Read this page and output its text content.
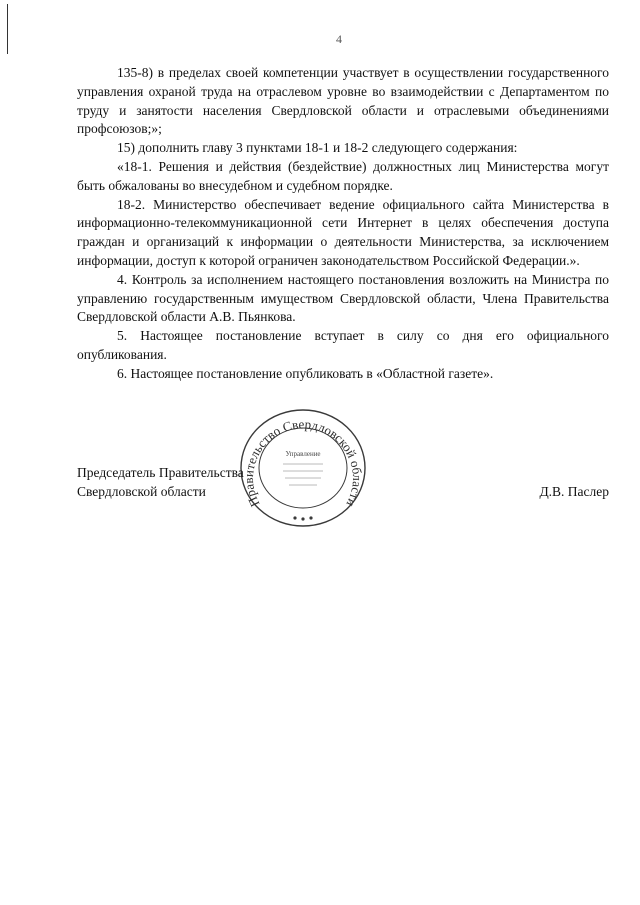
4

135-8) в пределах своей компетенции участвует в осуществлении государственного управления охраной труда на отраслевом уровне во взаимодействии с Департаментом по труду и занятости населения Свердловской области и отраслевыми объединениями профсоюзов;»;

15) дополнить главу 3 пунктами 18-1 и 18-2 следующего содержания:

«18-1. Решения и действия (бездействие) должностных лиц Министерства могут быть обжалованы во внесудебном и судебном порядке.

18-2. Министерство обеспечивает ведение официального сайта Министерства в информационно-телекоммуникационной сети Интернет в целях обеспечения доступа граждан и организаций к информации о деятельности Министерства, за исключением информации, доступ к которой ограничен законодательством Российской Федерации.».

4. Контроль за исполнением настоящего постановления возложить на Министра по управлению государственным имуществом Свердловской области, Члена Правительства Свердловской области А.В. Пьянкова.

5. Настоящее постановление вступает в силу со дня его официального опубликования.

6. Настоящее постановление опубликовать в «Областной газете».

Правительство Свердловской области
Управление
Председатель Правительства
Свердловской области	Д.В. Паслер
